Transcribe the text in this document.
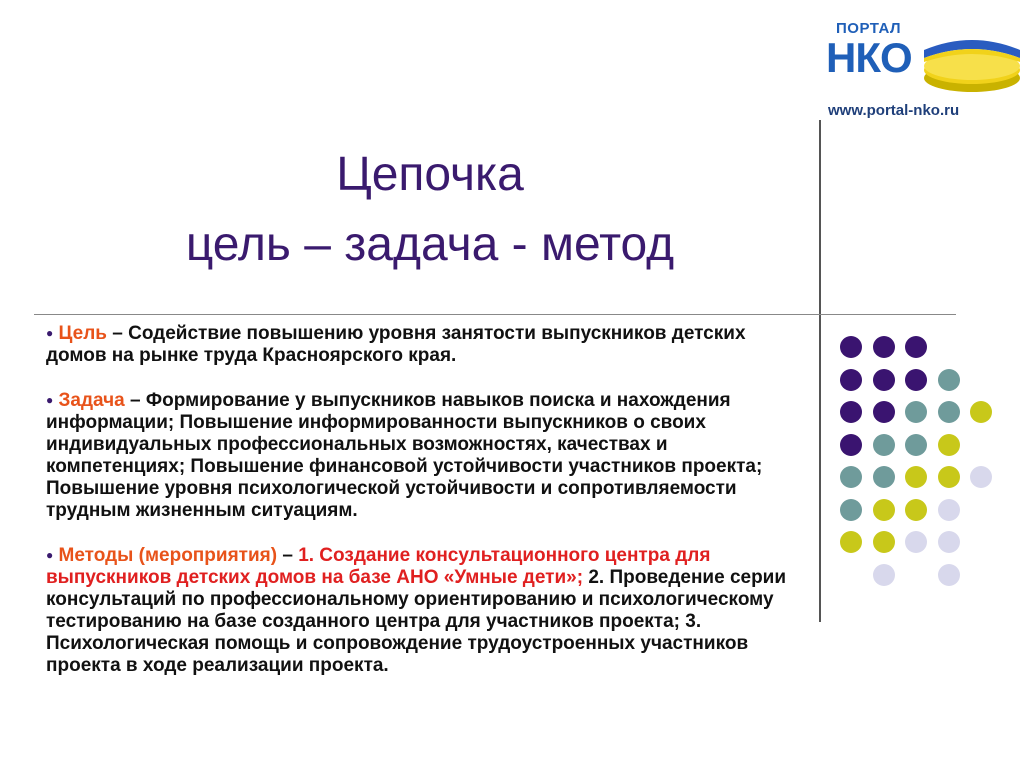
ПОРТАЛ
НКО
www.portal-nko.ru
Цепочка
цель – задача - метод

● Цель – Содействие повышению уровня занятости выпускников детских домов на рынке труда Красноярского края.

● Задача – Формирование у выпускников навыков поиска и нахождения информации; Повышение информированности выпускников о своих индивидуальных профессиональных возможностях, качествах и компетенциях; Повышение финансовой устойчивости участников проекта; Повышение уровня психологической устойчивости и сопротивляемости трудным жизненным ситуациям.

● Методы (мероприятия) – 1. Создание консультационного центра для выпускников детских домов на базе АНО «Умные дети»; 2. Проведение серии консультаций по профессиональному ориентированию и психологическому тестированию на базе созданного центра для участников проекта; 3. Психологическая помощь и сопровождение трудоустроенных участников проекта в ходе реализации проекта.
